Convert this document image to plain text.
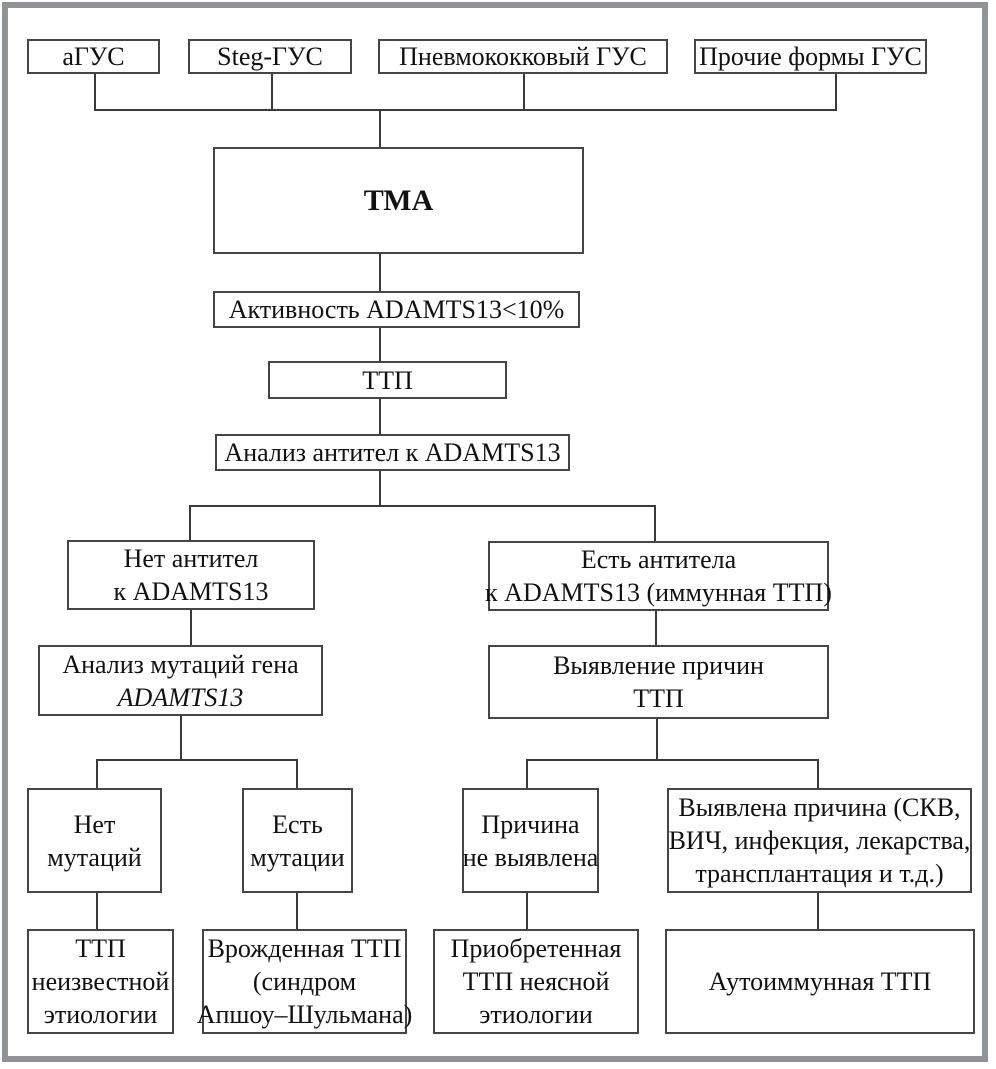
аГУС	Steg-ГУС	Пневмококковый ГУС Прочие формы ГУС
ТМА
Активность ADAMTS13<10%
ТТП
Анализ антител к ADAMTS13
Нет антител
к ADAMTS13
Есть антитела
к ADAMTS13 (иммунная ТТП)
Анализ мутаций гена
ADAMTS13
Выявление причин
ТТП
Нет
мутаций
Есть
мутации
Причина
не выявлена
Выявлена причина (СКВ,
ВИЧ, инфекция, лекарства,
трансплантация и т.д.)
ТТП
неизвестной
этиологии
Врожденная ТТП
(синдром
Апшоу–Шульмана)
Приобретенная
ТТП неясной
этиологии
Аутоиммунная ТТП
